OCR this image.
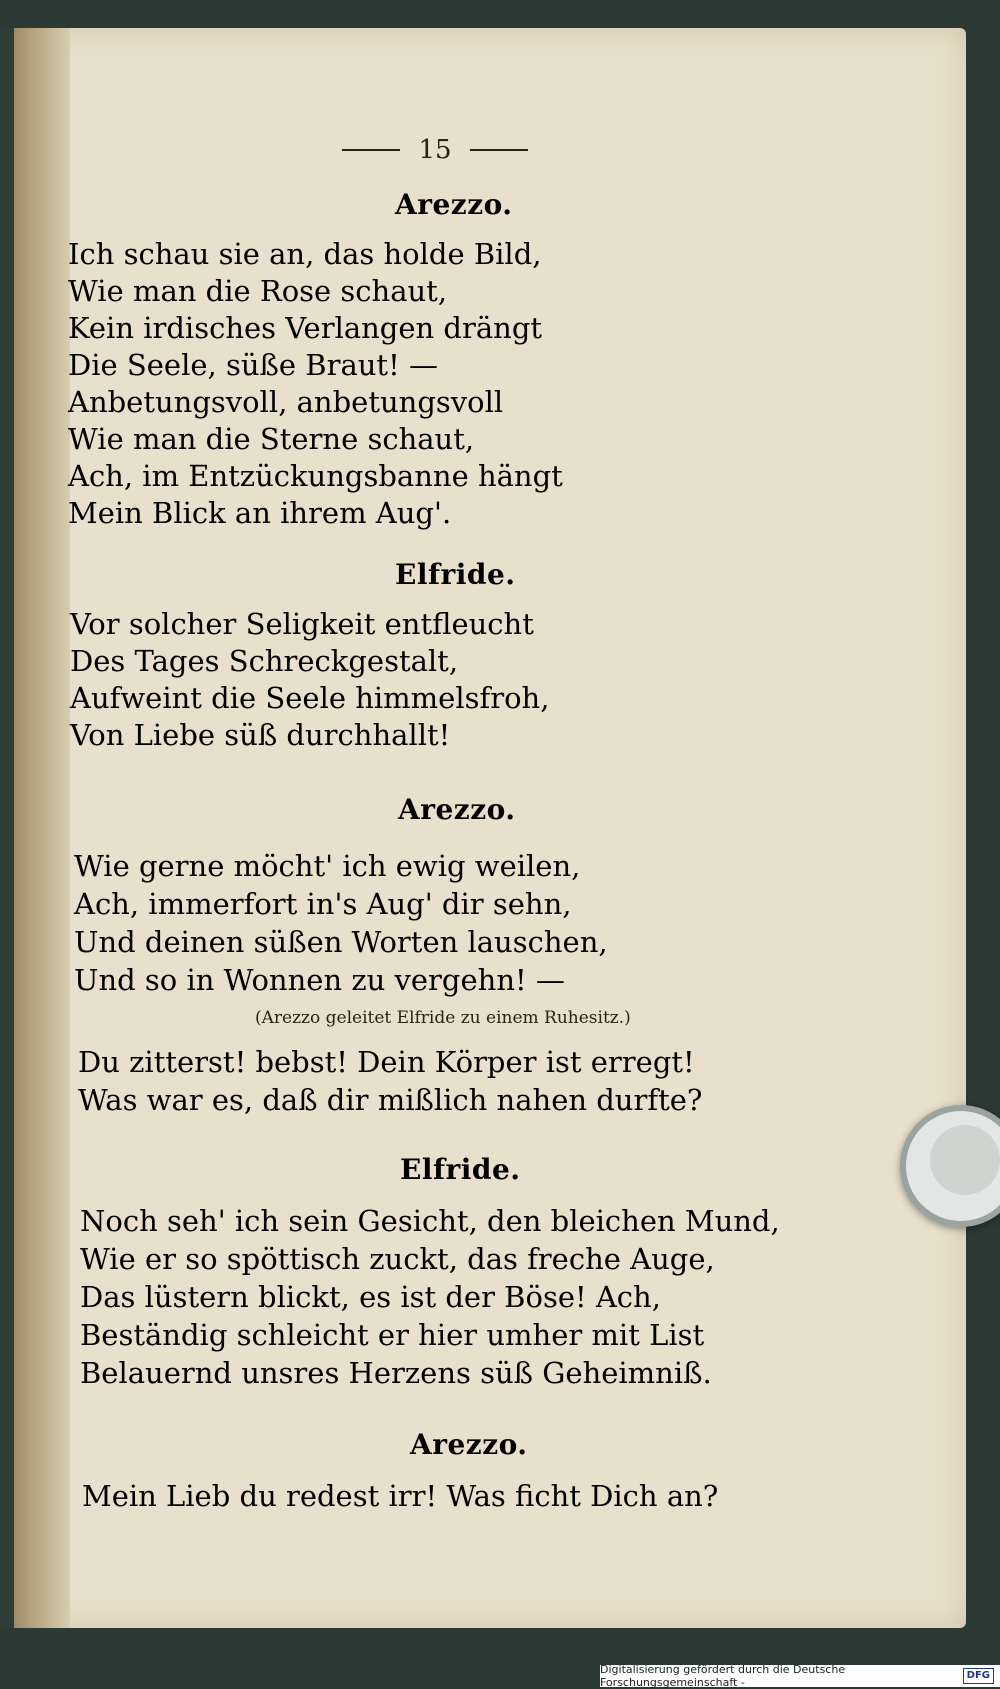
15
Arezzo.
Ich schau sie an, das holde Bild,
Wie man die Rose schaut,
Kein irdisches Verlangen drängt
Die Seele, süße Braut! —
Anbetungsvoll, anbetungsvoll
Wie man die Sterne schaut,
Ach, im Entzückungsbanne hängt
Mein Blick an ihrem Aug'.
Elfride.
Vor solcher Seligkeit entfleucht
Des Tages Schreckgestalt,
Aufweint die Seele himmelsfroh,
Von Liebe süß durchhallt!
Arezzo.
Wie gerne möcht' ich ewig weilen,
Ach, immerfort in's Aug' dir sehn,
Und deinen süßen Worten lauschen,
Und so in Wonnen zu vergehn! —
(Arezzo geleitet Elfride zu einem Ruhesitz.)
Du zitterst! bebst! Dein Körper ist erregt!
Was war es, daß dir mißlich nahen durfte?
Elfride.
Noch seh' ich sein Gesicht, den bleichen Mund,
Wie er so spöttisch zuckt, das freche Auge,
Das lüstern blickt, es ist der Böse! Ach,
Beständig schleicht er hier umher mit List
Belauernd unsres Herzens süß Geheimniß.
Arezzo.
Mein Lieb du redest irr! Was ficht Dich an?
Digitalisierung gefördert durch die Deutsche Forschungsgemeinschaft -
DFG
